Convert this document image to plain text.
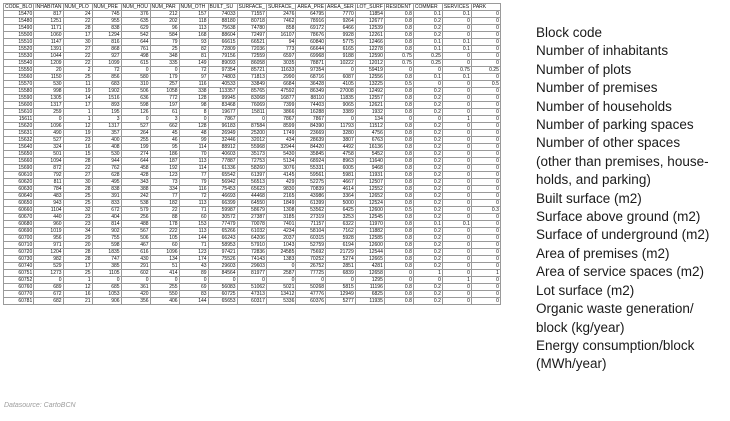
CODE_BLO	INHABITAN	NUM_PLO	NUM_PRE	NUM_HOU	NUM_PAR	NUM_OTH	BUILT_SU	SURFACE_	SURFACE_	AREA_PRE	AREA_SER	LOT_SURF	RESIDENT	COMMER	SERVICES	PARK
15470	817	24	745	376	212	157	74033	71557	2476	64795	7770	11854	0.8	0.1	0.1	0
15480	1251	22	955	635	202	118	88180	80718	7462	78916	9264	12677	0.8	0.2	0	0
15490	1171	28	838	629	96	113	75638	74780	858	69172	6466	12539	0.8	0.2	0	0
15500	1060	17	1294	542	584	168	88604	72497	16107	78676	9928	12261	0.8	0.2	0	0
15510	1147	30	816	644	79	93	66615	66521	94	60840	5775	12466	0.8	0.1	0.1	0
15520	1391	27	868	761	25	82	72809	72036	773	66644	6165	12278	0.8	0.1	0.1	0
15530	1044	22	927	498	348	81	79156	72559	6597	69968	9188	12590	0.75	0.25	0	0
15540	1209	22	1099	615	335	149	89093	86058	3035	78871	10222	12012	0.75	0.25	0	0
15550	20	2	72	0	0	72	97354	85721	11633	97354	0	59419	0	0	0.75	0.25
15560	1150	25	856	580	179	97	74803	71813	2990	68716	6087	12556	0.8	0.1	0.1	0
15570	530	11	683	310	257	116	40533	33849	6684	36428	4105	13225	0.5	0	0	0.5
15580	998	19	1902	506	1058	338	113357	85765	47592	86349	27008	12492	0.8	0.2	0	0
15590	1305	14	1516	636	772	128	99945	83068	16877	88110	11835	12557	0.8	0.2	0	0
15600	1317	17	893	598	197	98	83468	76069	7399	74403	9065	12621	0.8	0.2	0	0
15610	259	1	195	126	61	8	19677	15811	3866	16288	3389	1932	0.8	0.2	0	0
15611	0	1	3	0	3	0	7867	0	7867	7867	0	134	0	0	1	0
15620	1096	12	1317	527	662	128	96183	87584	8599	84390	11793	11512	0.8	0.2	0	0
15631	490	19	357	264	45	48	26949	25200	1749	23669	3280	4756	0.8	0.2	0	0
15632	527	23	400	255	46	99	32446	32012	434	28639	3807	6763	0.8	0.2	0	0
15640	324	16	408	199	95	114	88912	55968	32944	84420	4492	16136	0.8	0.2	0	0
15650	501	15	530	274	186	70	40603	35173	5430	35845	4758	5452	0.8	0.2	0	0
15660	1094	28	944	644	187	113	77887	72753	5134	68924	8963	11640	0.8	0.2	0	0
15690	872	22	762	458	192	114	61336	58260	3076	55331	6005	9468	0.8	0.2	0	0
60610	792	27	628	428	123	77	65542	61397	4145	59561	5981	11931	0.8	0.2	0	0
60620	811	30	495	343	73	79	56942	56513	429	52275	4667	12507	0.8	0.2	0	0
60630	784	28	838	388	334	116	75453	65623	9830	70839	4614	12552	0.8	0.2	0	0
60640	483	25	391	242	77	72	46693	44468	2165	43986	3364	12652	0.8	0.2	0	0
60650	943	25	833	538	182	113	66399	64550	1849	61399	5000	12524	0.8	0.2	0	0
60660	1104	32	672	579	22	71	59987	58679	1308	53562	6425	12600	0.5	0.2	0	0.3
60670	440	23	404	256	88	60	30572	27387	3185	27319	3253	12545	0.8	0.2	0	0
60680	960	23	814	488	178	153	77479	70078	7401	71157	6322	11970	0.8	0.1	0.1	0
60690	1019	34	902	567	222	113	65266	61032	4234	58104	7162	11882	0.8	0.2	0	0
60700	956	29	755	506	105	144	66243	64206	2037	60315	5928	12585	0.8	0.2	0	0
60710	971	20	598	467	60	71	58953	57910	1043	52759	6194	12600	0.8	0.2	0	0
60720	1204	28	1835	616	1096	123	97421	72836	24585	75692	21729	12544	0.8	0.2	0	0
60730	982	28	747	430	134	174	75526	74143	1383	70252	5274	12665	0.8	0.2	0	0
60740	529	17	385	291	51	43	29603	29603	0	26752	2851	4281	0.8	0.2	0	0
60751	1273	25	1105	602	414	89	84564	81977	2587	77725	6839	12658	0	1	0	1
60752	0	1	0	0	0	0	0	0	0	0	0	1295	0	0	1	0
60760	689	12	685	361	255	69	56083	51062	5021	50268	5815	11196	0.8	0.2	0	0
60770	672	16	1053	420	550	83	60725	47313	13412	47776	12949	6825	0.8	0.2	0	0
60781	682	21	906	356	406	144	65653	60317	5336	60376	5277	11935	0.8	0.2	0	0
Block code
Number of inhabitants
Number of plots
Number of premises
Number of households
Number of parking spaces
Number of other spaces
(other than premises, house-
holds, and parking)
Built surface (m2)
Surface above ground (m2)
Surface of underground (m2)
Area of premises (m2)
Area of service spaces (m2)
Lot surface (m2)
Organic waste generation/
block (kg/year)
Energy consumption/block
(MWh/year)
Datasource: CartoBCN
